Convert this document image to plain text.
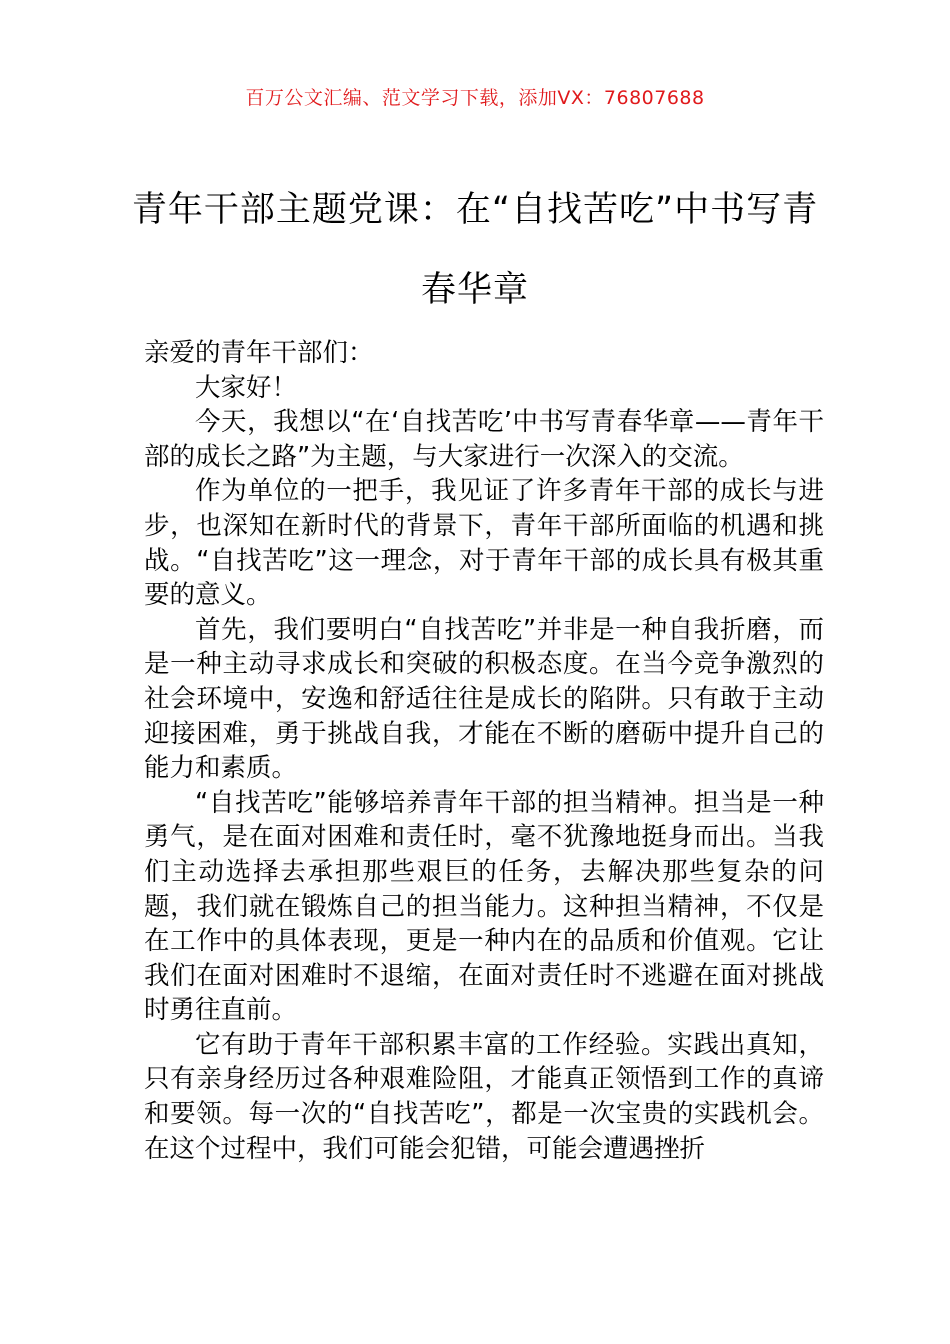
百万公文汇编、范文学习下载，添加VX：76807688
青年干部主题党课：在“自找苦吃”中书写青春华章

亲爱的青年干部们：

大家好！

今天，我想以“在‘自找苦吃’中书写青春华章——青年干部的成长之路”为主题，与大家进行一次深入的交流。

作为单位的一把手，我见证了许多青年干部的成长与进步，也深知在新时代的背景下，青年干部所面临的机遇和挑战。“自找苦吃”这一理念，对于青年干部的成长具有极其重要的意义。

首先，我们要明白“自找苦吃”并非是一种自我折磨，而是一种主动寻求成长和突破的积极态度。在当今竞争激烈的社会环境中，安逸和舒适往往是成长的陷阱。只有敢于主动迎接困难，勇于挑战自我，才能在不断的磨砺中提升自己的能力和素质。

“自找苦吃”能够培养青年干部的担当精神。担当是一种勇气，是在面对困难和责任时，毫不犹豫地挺身而出。当我们主动选择去承担那些艰巨的任务，去解决那些复杂的问题，我们就在锻炼自己的担当能力。这种担当精神，不仅是在工作中的具体表现，更是一种内在的品质和价值观。它让我们在面对困难时不退缩，在面对责任时不逃避在面对挑战时勇往直前。

它有助于青年干部积累丰富的工作经验。实践出真知，只有亲身经历过各种艰难险阻，才能真正领悟到工作的真谛和要领。每一次的“自找苦吃”，都是一次宝贵的实践机会。在这个过程中，我们可能会犯错，可能会遭遇挫折
